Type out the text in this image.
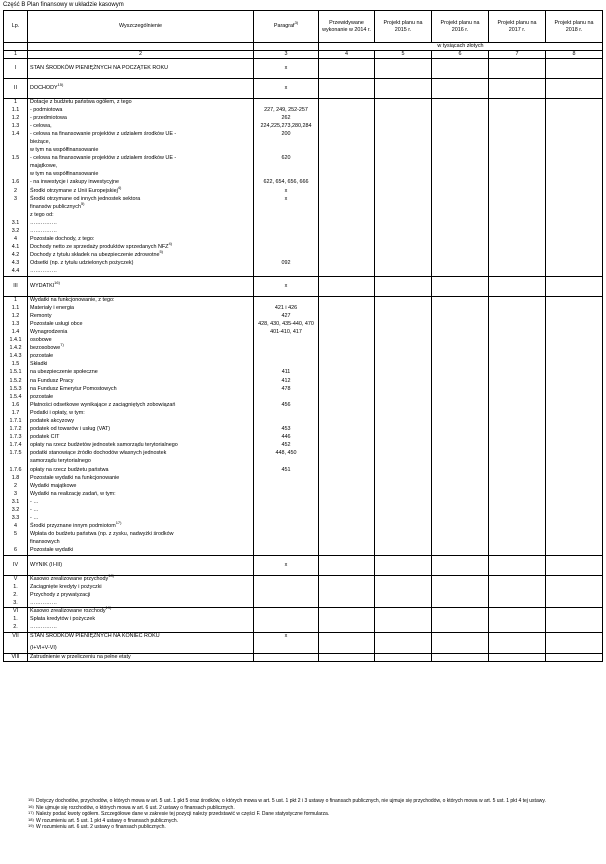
Część B Plan finansowy w układzie kasowym
Lp.	Wyszczególnienie	Paragraf$^{3)}$	Przewidywane wykonanie w 2014 r.	Projekt planu na 2015 r.	Projekt planu na 2016 r.	Projekt planu na 2017 r.	Projekt planu na 2018 r.
			w tysiącach złotych				
1	2	3	4	5	6	7	8
I	STAN ŚRODKÓW PIENIĘŻNYCH NA POCZĄTEK ROKU	x					
II	DOCHODY$^{15)}$	x					
1	Dotacje z budżetu państwa ogółem, z tego						
1.1	- podmiotowa	227, 249, 252-257					
1.2	- przedmiotowa	262					
1.3	- celowa,	224,225,273,280,284					
1.4	- celowa na finansowanie projektów z udziałem środków UE -	200					
	bieżące,						
	w tym na współfinansowanie						
1.5	- celowa na finansowanie projektów z udziałem środków UE -	620					
	majątkowe,						
	w tym na współfinansowanie						
1.6	- na inwestycje i zakupy inwestycyjne	622, 654, 656, 666					
2	Środki otrzymane z Unii Europejskiej$^{4)}$	x					
3	Środki otrzymane od innych jednostek sektora	x					
	finansów publicznych$^{5)}$						
	z tego od:						
3.1	……………						
3.2	……………						
4	Pozostałe dochody, z tego:						
4.1	Dochody netto ze sprzedaży produktów sprzedanych NFZ$^{4)}$						
4.2	Dochody z tytułu składek na ubezpieczenie zdrowotne$^{5)}$						
4.3	Odsetki (np. z tytułu udzielonych pożyczek)	092					
4.4	……………						
III	WYDATKI$^{16)}$	x					
1	Wydatki na funkcjonowanie, z tego:						
1.1	Materiały i energia	421 i 426					
1.2	Remonty	427					
1.3	Pozostałe usługi obce	428, 430, 435-440, 470					
1.4	Wynagrodzenia	401-410, 417					
1.4.1	osobowe						
1.4.2	bezosobowe$^{7)}$						
1.4.3	pozostałe						
1.5	Składki						
1.5.1	na ubezpieczenie społeczne	411					
1.5.2	na Fundusz Pracy	412					
1.5.3	na Fundusz Emerytur Pomostowych	478					
1.5.4	pozostałe						
1.6	Płatności odsetkowe wynikające z zaciągniętych zobowiązań	456					
1.7	Podatki i opłaty, w tym:						
1.7.1	podatek akcyzowy						
1.7.2	podatek od towarów i usług (VAT)	453					
1.7.3	podatek CIT	446					
1.7.4	opłaty na rzecz budżetów jednostek samorządu terytorialnego	452					
1.7.5	podatki stanowiące źródło dochodów własnych jednostek	448, 450					
	samorządu terytorialnego						
1.7.6	opłaty na rzecz budżetu państwa	451					
1.8	Pozostałe wydatki na funkcjonowanie						
2	Wydatki majątkowe						
3	Wydatki na realizację zadań, w tym:						
3.1	- …						
3.2	- …						
3.3	- …						
4	Środki przyznane innym podmiotom$^{17)}$						
5	Wpłata do budżetu państwa (np. z zysku, nadwyżki środków						
	finansowych						
6	Pozostałe wydatki						
IV	WYNIK (II-III)	x					
V	Kasowo zrealizowane przychody$^{18)}$						
1.	Zaciągnięte kredyty i pożyczki						
2.	Przychody z prywatyzacji						
3.	……………						
VI	Kasowo zrealizowane rozchody$^{19)}$						
1.	Spłata kredytów i pożyczek						
2.	……………						
VII	STAN ŚRODKÓW PIENIĘŻNYCH NA KONIEC ROKU	x					
	(I+VI+V-VI)						
VIII	Zatrudnienie w przeliczeniu na pełne etaty						
15) Dotyczy dochodów, przychodów, o których mowa w art. 5 ust. 1 pkt 5 oraz środków, o których mowa w art. 5 ust. 1 pkt 2 i 3 ustawy o finansach publicznych, nie ujmuje się przychodów, o których mowa w art. 5 ust. 1 pkt 4 tej ustawy.
16) Nie ujmuje się rozchodów, o których mowa w art. 6 ust. 2 ustawy o finansach publicznych.
17) Należy podać kwoty ogółem. Szczegółowe dane w zakresie tej pozycji należy przedstawić w części F. Dane statystyczne formularza.
18) W rozumieniu art. 5 ust. 1 pkt 4 ustawy o finansach publicznych.
19) W rozumieniu art. 6 ust. 2 ustawy o finansach publicznych.
